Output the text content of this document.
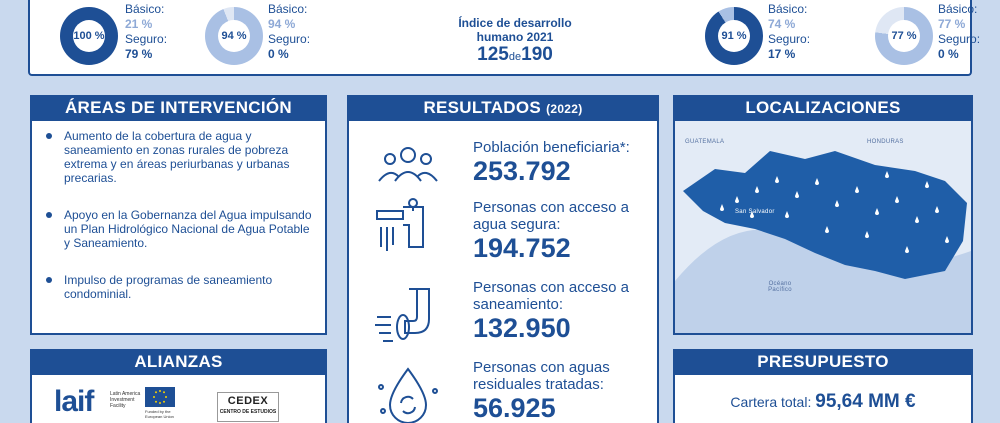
100 %
Básico:
21 %
Seguro:
79 %
94 %
Básico:
94 %
Seguro:
0 %
Índice de desarrollo humano 2021
125de190
91 %
Básico:
74 %
Seguro:
17 %
77 %
Básico:
77 %
Seguro:
0 %
ÁREAS DE INTERVENCIÓN
Aumento de la cobertura de agua y saneamiento en zonas rurales de pobreza extrema y en áreas periurbanas y urbanas precarias.
Apoyo en la Gobernanza del Agua impulsando un Plan Hidrológico Nacional de Agua Potable y Saneamiento.
Impulso de programas de saneamiento condominial.
ALIANZAS
laif	Latin America Investment Facility
Funded by the European Union
CEDEX
CENTRO DE ESTUDIOS
RESULTADOS (2022)
Población beneficiaria*:
253.792
Personas con acceso a agua segura:
194.752
Personas con acceso a saneamiento:
132.950
Personas con aguas residuales tratadas:
56.925
LOCALIZACIONES
GUATEMALA	HONDURAS
San Salvador
Océano Pacífico
PRESUPUESTO
Cartera total: 95,64 MM €
